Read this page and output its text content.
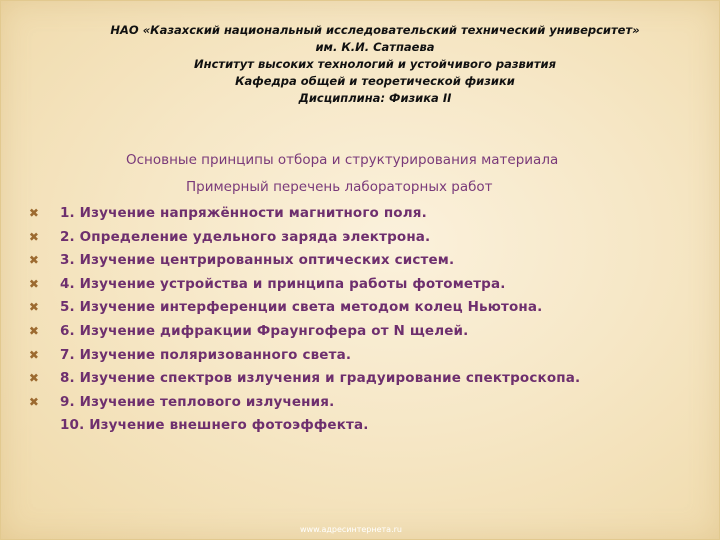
НАО «Казахский национальный исследовательский технический университет»
им. К.И. Сатпаева
Институт высоких технологий и устойчивого развития
Кафедра общей и теоретической физики
Дисциплина: Физика II
Основные принципы отбора и структурирования материала
Примерный перечень лабораторных работ
✖ 1. Изучение напряжённости магнитного поля.
✖ 2. Определение удельного заряда электрона.
✖ 3. Изучение центрированных оптических систем.
✖ 4. Изучение устройства и принципа работы фотометра.
✖ 5. Изучение интерференции света методом колец Ньютона.
✖ 6. Изучение дифракции Фраунгофера от N щелей.
✖ 7. Изучение поляризованного света.
✖ 8. Изучение спектров излучения и градуирование спектроскопа.
✖ 9. Изучение теплового излучения.
10. Изучение внешнего фотоэффекта.
www.адресинтернета.ru
